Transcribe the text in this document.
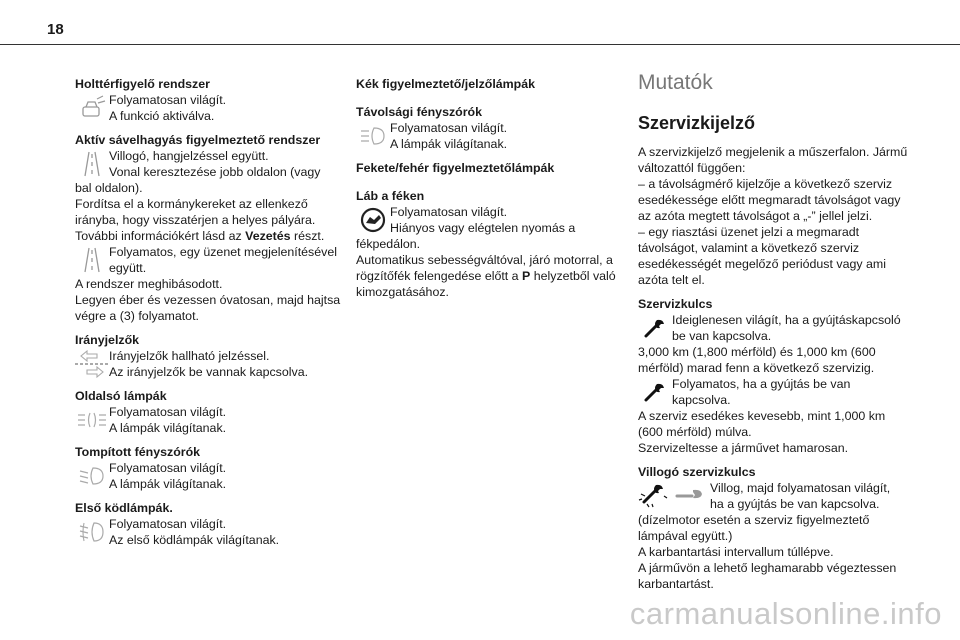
18
Holttérfigyelő rendszer
Folyamatosan világít.
A funkció aktiválva.
Aktív sávelhagyás figyelmeztető rendszer
Villogó, hangjelzéssel együtt.
Vonal keresztezése jobb oldalon (vagy
bal oldalon).
Fordítsa el a kormánykereket az ellenkező
irányba, hogy visszatérjen a helyes pályára.
További információkért lásd az Vezetés részt.
Folyamatos, egy üzenet megjelenítésével
együtt.
A rendszer meghibásodott.
Legyen éber és vezessen óvatosan, majd hajtsa
végre a (3) folyamatot.
Irányjelzők
Irányjelzők hallható jelzéssel.
Az irányjelzők be vannak kapcsolva.
Oldalsó lámpák
Folyamatosan világít.
A lámpák világítanak.
Tompított fényszórók
Folyamatosan világít.
A lámpák világítanak.
Első ködlámpák.
Folyamatosan világít.
Az első ködlámpák világítanak.
Kék figyelmeztető/jelzőlámpák
Távolsági fényszórók
Folyamatosan világít.
A lámpák világítanak.
Fekete/fehér figyelmeztetőlámpák
Láb a féken
Folyamatosan világít.
Hiányos vagy elégtelen nyomás a
fékpedálon.
Automatikus sebességváltóval, járó motorral, a
rögzítőfék felengedése előtt a P helyzetből való
kimozgatásához.
Mutatók
Szervizkijelző
A szervizkijelző megjelenik a műszerfalon. Jármű
változattól függően:
– a távolságmérő kijelzője a következő szerviz
esedékessége előtt megmaradt távolságot vagy
az azóta megtett távolságot a „-” jellel jelzi.
– egy riasztási üzenet jelzi a megmaradt
távolságot, valamint a következő szerviz
esedékességét megelőző periódust vagy ami
azóta telt el.
Szervizkulcs
Ideiglenesen világít, ha a gyújtáskapcsoló
be van kapcsolva.
3,000 km (1,800 mérföld) és 1,000 km (600
mérföld) marad fenn a következő szervizig.
Folyamatos, ha a gyújtás be van
kapcsolva.
A szerviz esedékes kevesebb, mint 1,000 km
(600 mérföld) múlva.
Szervizeltesse a járművet hamarosan.
Villogó szervizkulcs
Villog, majd folyamatosan világít,
ha a gyújtás be van kapcsolva.
(dízelmotor esetén a szerviz figyelmeztető
lámpával együtt.)
A karbantartási intervallum túllépve.
A járművön a lehető leghamarabb végeztessen
karbantartást.
carmanualsonline.info
